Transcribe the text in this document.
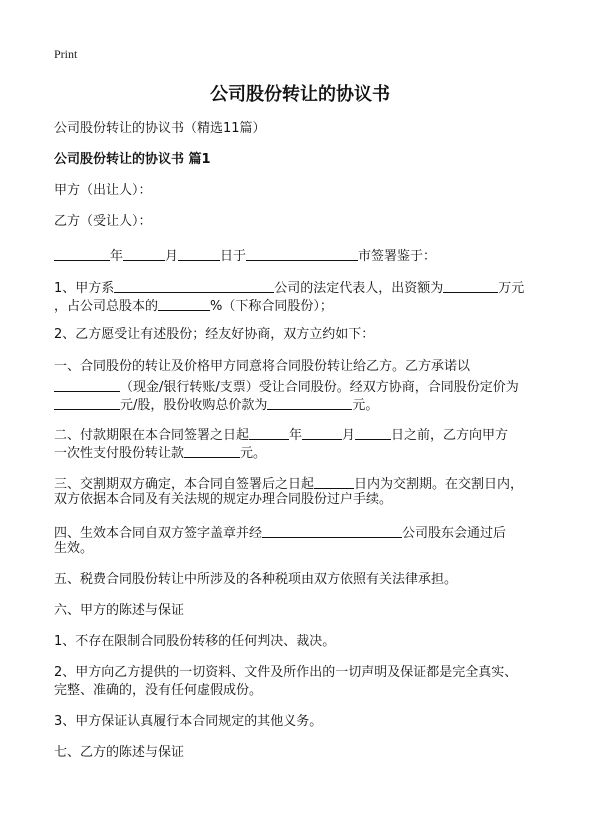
Print
公司股份转让的协议书
公司股份转让的协议书（精选11篇）
公司股份转让的协议书 篇1
甲方（出让人）：
乙方（受让人）：
年	月	日于	市签署鉴于：
1、甲方系	公司的法定代表人，出资额为	万元
，占公司总股本的	%（下称合同股份）；
2、乙方愿受让有述股份；经友好协商，双方立约如下：
一、合同股份的转让及价格甲方同意将合同股份转让给乙方。乙方承诺以
（现金/银行转账/支票）受让合同股份。经双方协商，合同股份定价为
元/股，股份收购总价款为	元。
二、付款期限在本合同签署之日起	年	月	日之前，乙方向甲方
一次性支付股份转让款	元。
三、交割期双方确定，本合同自签署后之日起	日内为交割期。在交割日内，
双方依据本合同及有关法规的规定办理合同股份过户手续。
四、生效本合同自双方签字盖章并经	公司股东会通过后
生效。
五、税费合同股份转让中所涉及的各种税项由双方依照有关法律承担。
六、甲方的陈述与保证
1、不存在限制合同股份转移的任何判决、裁决。
2、甲方向乙方提供的一切资料、文件及所作出的一切声明及保证都是完全真实、
完整、准确的，没有任何虚假成份。
3、甲方保证认真履行本合同规定的其他义务。
七、乙方的陈述与保证
